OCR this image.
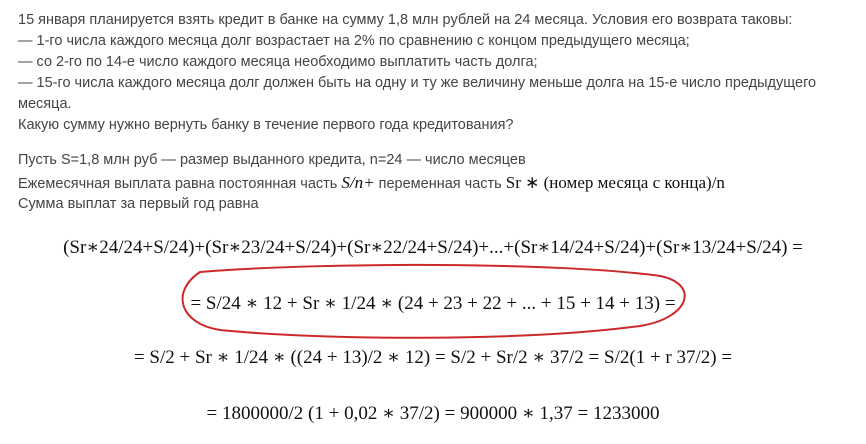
15 января планируется взять кредит в банке на сумму 1,8 млн рублей на 24 месяца. Условия его возврата таковы:
— 1-го числа каждого месяца долг возрастает на 2% по сравнению с концом предыдущего месяца;
— со 2-го по 14-е число каждого месяца необходимо выплатить часть долга;
— 15-го числа каждого месяца долг должен быть на одну и ту же величину меньше долга на 15-е число предыдущего
месяца.
Какую сумму нужно вернуть банку в течение первого года кредитования?
Пусть S=1,8 млн руб — размер выданного кредита, n=24 — число месяцев
Ежемесячная выплата равна постоянная часть S/n+ переменная часть Sr ∗ (номер месяца с конца)/n
Сумма выплат за первый год равна
(Sr∗24/24+S/24)+(Sr∗23/24+S/24)+(Sr∗22/24+S/24)+...+(Sr∗14/24+S/24)+(Sr∗13/24+S/24) =
= S/24 ∗ 12 + Sr ∗ 1/24 ∗ (24 + 23 + 22 + ... + 15 + 14 + 13) =
= S/2 + Sr ∗ 1/24 ∗ ((24 + 13)/2 ∗ 12) = S/2 + Sr/2 ∗ 37/2 = S/2(1 + r 37/2) =
= 1800000/2 (1 + 0,02 ∗ 37/2) = 900000 ∗ 1,37 = 1233000
